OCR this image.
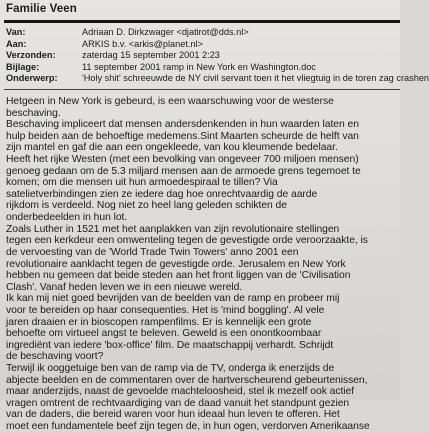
Familie Veen
Van:	Adriaan D. Dirkzwager <djatirot@dds.nl>
Aan:	ARKIS b.v. <arkis@planet.nl>
Verzonden:	zaterdag 15 september 2001 2:23
Bijlage:	11 september 2001 ramp in New York en Washington.doc
Onderwerp:	'Holy shit' schreeuwde de NY civil servant toen it het vliegtuig in de toren zag crashen
Hetgeen in New York is gebeurd, is een waarschuwing voor de westerse
beschaving.
Beschaving impliceert dat mensen andersdenkenden in hun waarden laten en
hulp beiden aan de behoeftige medemens.Sint Maarten scheurde de helft van
zijn mantel en gaf die aan een ongekleede, van kou kleumende bedelaar.
Heeft het rijke Westen (met een bevolking van ongeveer 700 miljoen mensen)
genoeg gedaan om de 5.3 miljard mensen aan de armoede grens tegemoet te
komen; om die mensen uit hun armoedespiraal te tillen? Via
satelietverbindingen zien ze iedere dag hoe onrechtvaardig de aarde
rijkdom is verdeeld. Nog niet zo heel lang geleden schikten de
onderbedeelden in hun lot.
Zoals Luther in 1521 met het aanplakken van zijn revolutionaire stellingen
tegen een kerkdeur een omwenteling tegen de gevestigde orde veroorzaakte, is
de vervoesting van de 'World Trade Twin Towers' anno 2001 een
revolutionaire aanklacht tegen de gevestigde orde. Jerusalem en New York
hebben nu gemeen dat beide steden aan het front liggen van de 'Civilisation
Clash'. Vanaf heden leven we in een nieuwe wereld.
Ik kan mij niet goed bevrijden van de beelden van de ramp en probeer mij
voor te bereiden op haar consequenties. Het is 'mind boggling'. Al vele
jaren draaien er in bioscopen rampenfilms. Er is kennelijk een grote
behoefte om virtueel angst te beleven. Geweld is een onontkoombaar
ingrediënt van iedere 'box-office' film. De maatschappij verhardt. Schrijdt
de beschaving voort?
Terwijl ik ooggetuige ben van de ramp via de TV, onderga ik enerzijds de
abjecte beelden en de commentaren over de hartverscheurend gebeurtenissen,
maar anderzijds, naast de gevoelde machteloosheid, stel ik mezelf ook actief
vragen omtrent de rechtvaardiging van de daad vanuit het standpunt gezien
van de daders, die bereid waren voor hun ideaal hun leven te offeren. Het
moet een fundamentele beef zijn tegen de, in hun ogen, verdorven Amerikaanse
